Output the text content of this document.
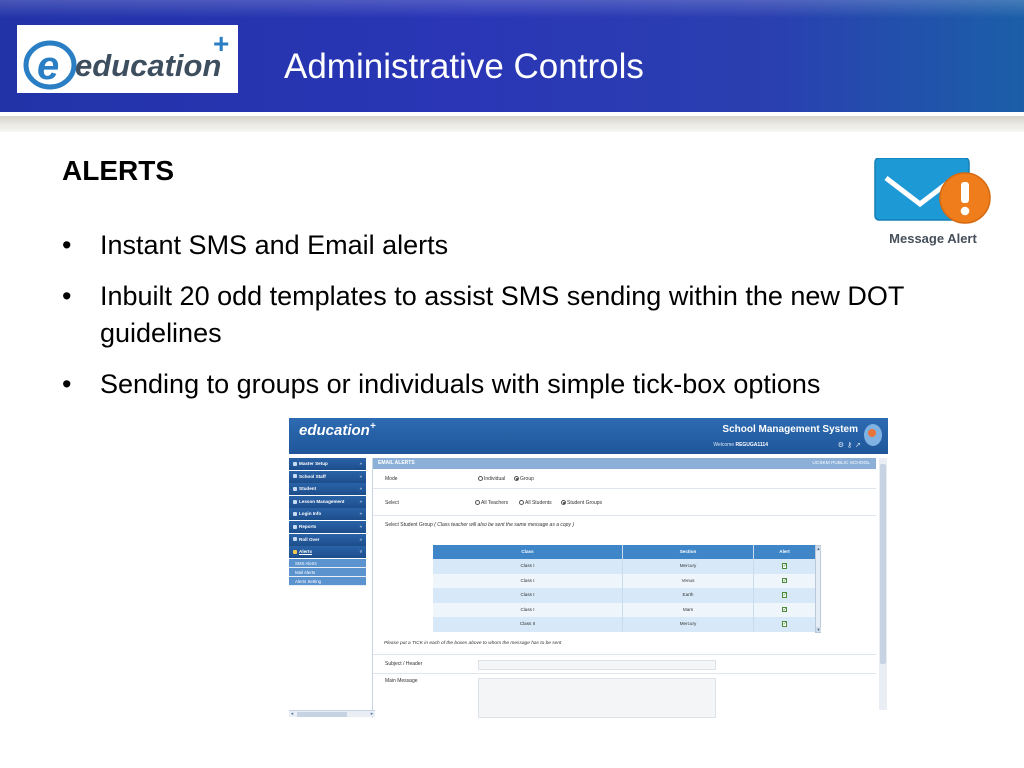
e education
+
Administrative Controls
ALERTS
• Instant SMS and Email alerts
• Inbuilt 20 odd templates to assist SMS sending within the new DOT guidelines
• Sending to groups or individuals with simple tick-box options
Message Alert
education+	School Management System
Welcome REGUGA1114	⚙⚷➚
Master Setup	»
School Staff	»
Student	»
Lesson Management	»
Login Info	»
Reports	»
Roll Over	»
Alerts	▿
SMS Alerts
Mail Alerts
Alerts Setting
EMAIL ALERTS	UCSKM PUBLIC SCHOOL
Mode	Individual	Group
Select	All Teachers	All Students	Student Groups
Select Student Group ( Class teacher will also be sent the same message as a copy )
Class	Section	Alert
Class I	Mercury	✓
Class I	Venus	✓
Class I	Earth	✓
Class I	Mars	✓
Class II	Mercury	✓
▲
▼
Please put a TICK in each of the boxes above to whom the message has to be sent
Subject / Header
Main Message
◂	▸
